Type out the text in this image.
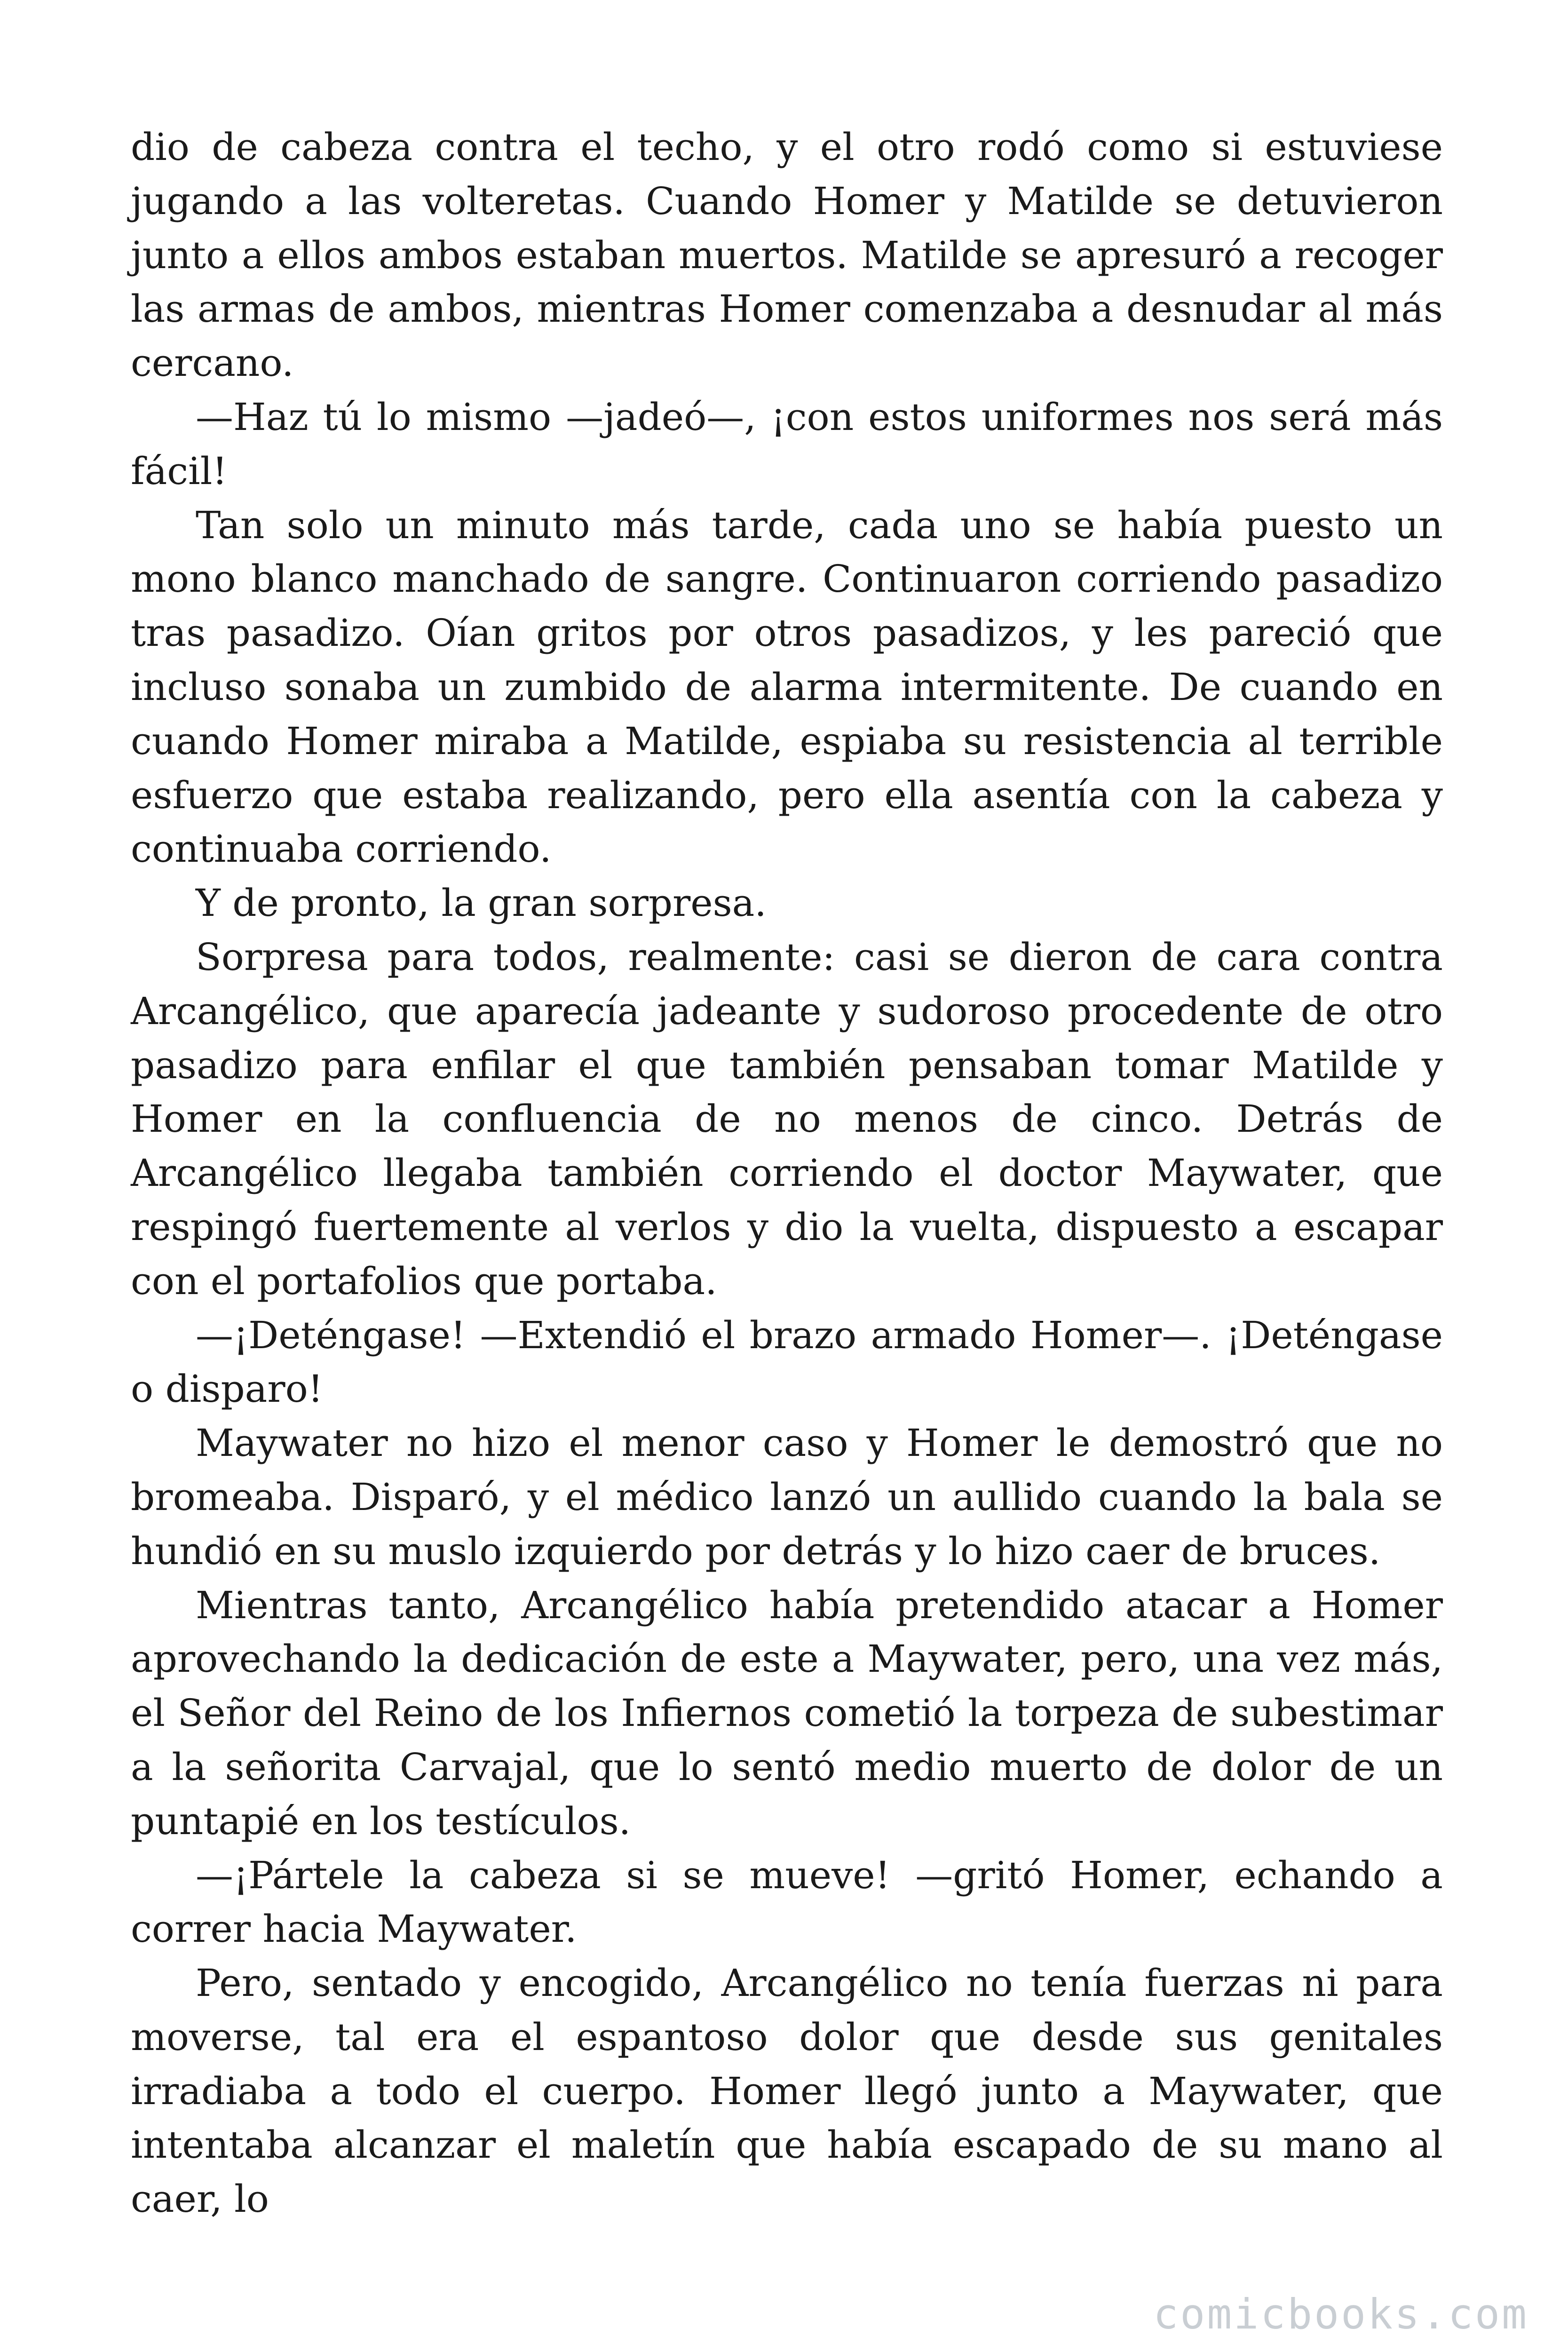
dio de cabeza contra el techo, y el otro rodó como si estuviese jugando a las volteretas. Cuando Homer y Matilde se detuvieron junto a ellos ambos estaban muertos. Matilde se apresuró a recoger las armas de ambos, mientras Homer comenzaba a desnudar al más cercano.

—Haz tú lo mismo —jadeó—, ¡con estos uniformes nos será más fácil!

Tan solo un minuto más tarde, cada uno se había puesto un mono blanco manchado de sangre. Continuaron corriendo pasadizo tras pasadizo. Oían gritos por otros pasadizos, y les pareció que incluso sonaba un zumbido de alarma intermitente. De cuando en cuando Homer miraba a Matilde, espiaba su resistencia al terrible esfuerzo que estaba realizando, pero ella asentía con la cabeza y continuaba corriendo.

Y de pronto, la gran sorpresa.

Sorpresa para todos, realmente: casi se dieron de cara contra Arcangélico, que aparecía jadeante y sudoroso procedente de otro pasadizo para enfilar el que también pensaban tomar Matilde y Homer en la confluencia de no menos de cinco. Detrás de Arcangélico llegaba también corriendo el doctor Maywater, que respingó fuertemente al verlos y dio la vuelta, dispuesto a escapar con el portafolios que portaba.

—¡Deténgase! —Extendió el brazo armado Homer—. ¡Deténgase o disparo!

Maywater no hizo el menor caso y Homer le demostró que no bromeaba. Disparó, y el médico lanzó un aullido cuando la bala se hundió en su muslo izquierdo por detrás y lo hizo caer de bruces.

Mientras tanto, Arcangélico había pretendido atacar a Homer aprovechando la dedicación de este a Maywater, pero, una vez más, el Señor del Reino de los Infiernos cometió la torpeza de subestimar a la señorita Carvajal, que lo sentó medio muerto de dolor de un puntapié en los testículos.

—¡Pártele la cabeza si se mueve! —gritó Homer, echando a correr hacia Maywater.

Pero, sentado y encogido, Arcangélico no tenía fuerzas ni para moverse, tal era el espantoso dolor que desde sus genitales irradiaba a todo el cuerpo. Homer llegó junto a Maywater, que intentaba alcanzar el maletín que había escapado de su mano al caer, lo

comicbooks.com
